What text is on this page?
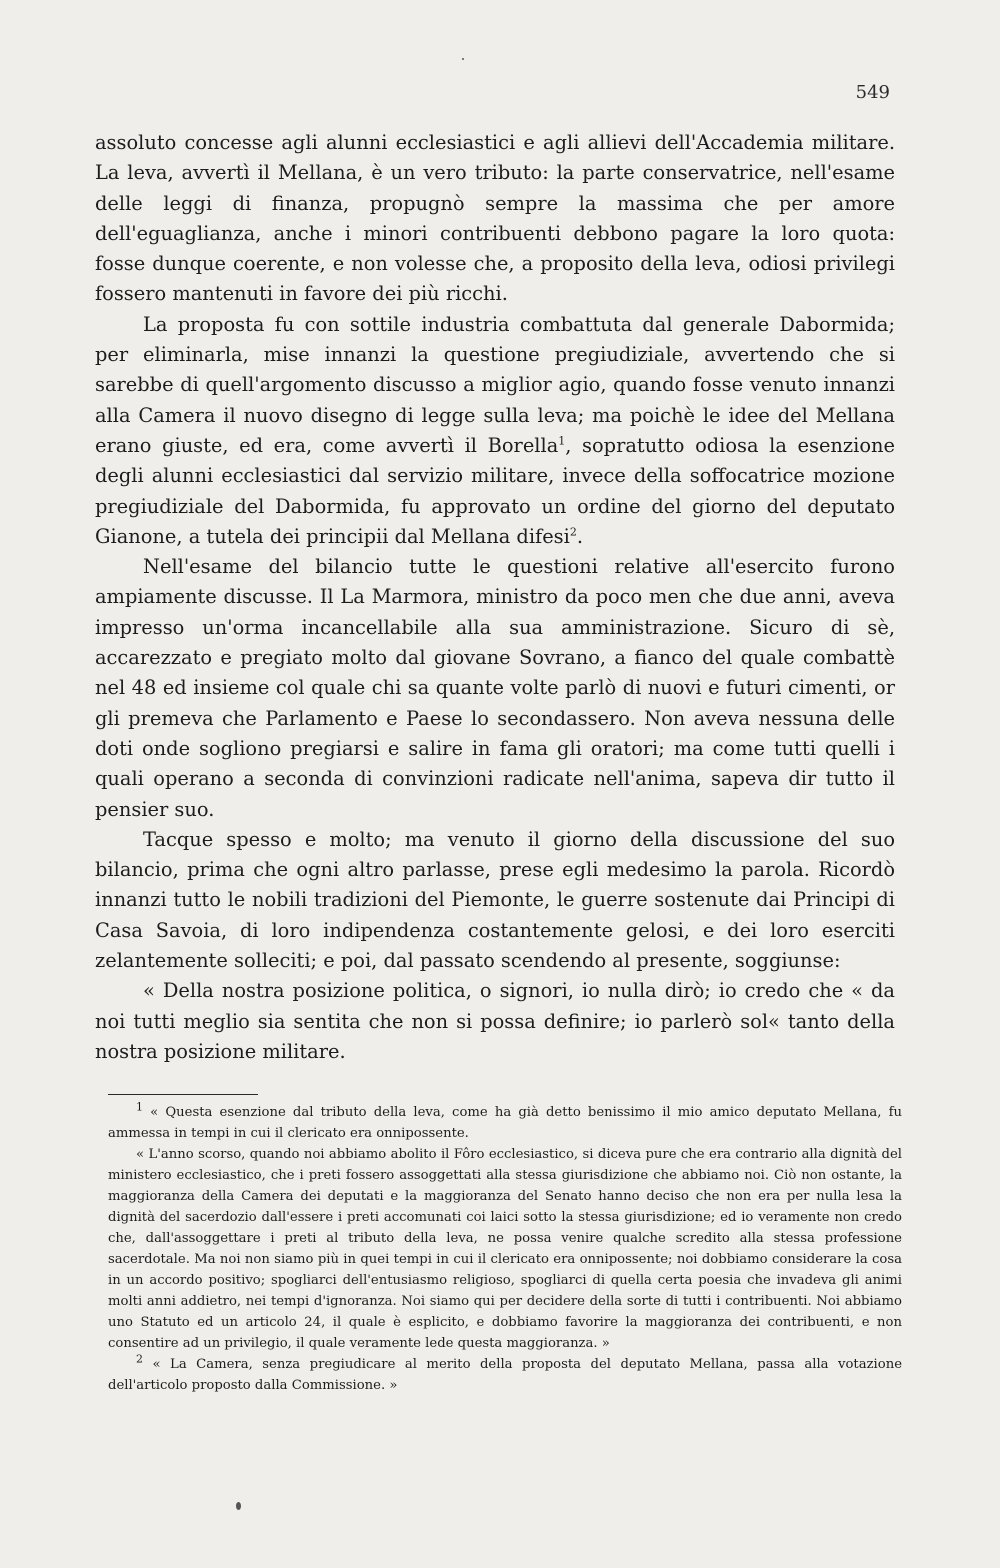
549

assoluto concesse agli alunni ecclesiastici e agli allievi dell'Accademia militare. La leva, avvertì il Mellana, è un vero tributo: la parte conservatrice, nell'esame delle leggi di finanza, propugnò sempre la massima che per amore dell'eguaglianza, anche i minori contribuenti debbono pagare la loro quota: fosse dunque coerente, e non volesse che, a proposito della leva, odiosi privilegi fossero mantenuti in favore dei più ricchi.

La proposta fu con sottile industria combattuta dal generale Dabormida; per eliminarla, mise innanzi la questione pregiudiziale, avvertendo che si sarebbe di quell'argomento discusso a miglior agio, quando fosse venuto innanzi alla Camera il nuovo disegno di legge sulla leva; ma poichè le idee del Mellana erano giuste, ed era, come avvertì il Borella$^1$, sopratutto odiosa la esenzione degli alunni ecclesiastici dal servizio militare, invece della soffocatrice mozione pregiudiziale del Dabormida, fu approvato un ordine del giorno del deputato Gianone, a tutela dei principii dal Mellana difesi$^2$.

Nell'esame del bilancio tutte le questioni relative all'esercito furono ampiamente discusse. Il La Marmora, ministro da poco men che due anni, aveva impresso un'orma incancellabile alla sua amministrazione. Sicuro di sè, accarezzato e pregiato molto dal giovane Sovrano, a fianco del quale combattè nel 48 ed insieme col quale chi sa quante volte parlò di nuovi e futuri cimenti, or gli premeva che Parlamento e Paese lo secondassero. Non aveva nessuna delle doti onde sogliono pregiarsi e salire in fama gli oratori; ma come tutti quelli i quali operano a seconda di convinzioni radicate nell'anima, sapeva dir tutto il pensier suo.

Tacque spesso e molto; ma venuto il giorno della discussione del suo bilancio, prima che ogni altro parlasse, prese egli medesimo la parola. Ricordò innanzi tutto le nobili tradizioni del Piemonte, le guerre sostenute dai Principi di Casa Savoia, di loro indipendenza costantemente gelosi, e dei loro eserciti zelantemente solleciti; e poi, dal passato scendendo al presente, soggiunse:

« Della nostra posizione politica, o signori, io nulla dirò; io credo che « da noi tutti meglio sia sentita che non si possa definire; io parlerò sol« tanto della nostra posizione militare.

$^1$ « Questa esenzione dal tributo della leva, come ha già detto benissimo il mio amico deputato Mellana, fu ammessa in tempi in cui il clericato era onnipossente.

« L'anno scorso, quando noi abbiamo abolito il Fôro ecclesiastico, si diceva pure che era contrario alla dignità del ministero ecclesiastico, che i preti fossero assoggettati alla stessa giurisdizione che abbiamo noi. Ciò non ostante, la maggioranza della Camera dei deputati e la maggioranza del Senato hanno deciso che non era per nulla lesa la dignità del sacerdozio dall'essere i preti accomunati coi laici sotto la stessa giurisdizione; ed io veramente non credo che, dall'assoggettare i preti al tributo della leva, ne possa venire qualche scredito alla stessa professione sacerdotale. Ma noi non siamo più in quei tempi in cui il clericato era onnipossente; noi dobbiamo considerare la cosa in un accordo positivo; spogliarci dell'entusiasmo religioso, spogliarci di quella certa poesia che invadeva gli animi molti anni addietro, nei tempi d'ignoranza. Noi siamo qui per decidere della sorte di tutti i contribuenti. Noi abbiamo uno Statuto ed un articolo 24, il quale è esplicito, e dobbiamo favorire la maggioranza dei contribuenti, e non consentire ad un privilegio, il quale veramente lede questa maggioranza. »

$^2$ « La Camera, senza pregiudicare al merito della proposta del deputato Mellana, passa alla votazione dell'articolo proposto dalla Commissione. »
